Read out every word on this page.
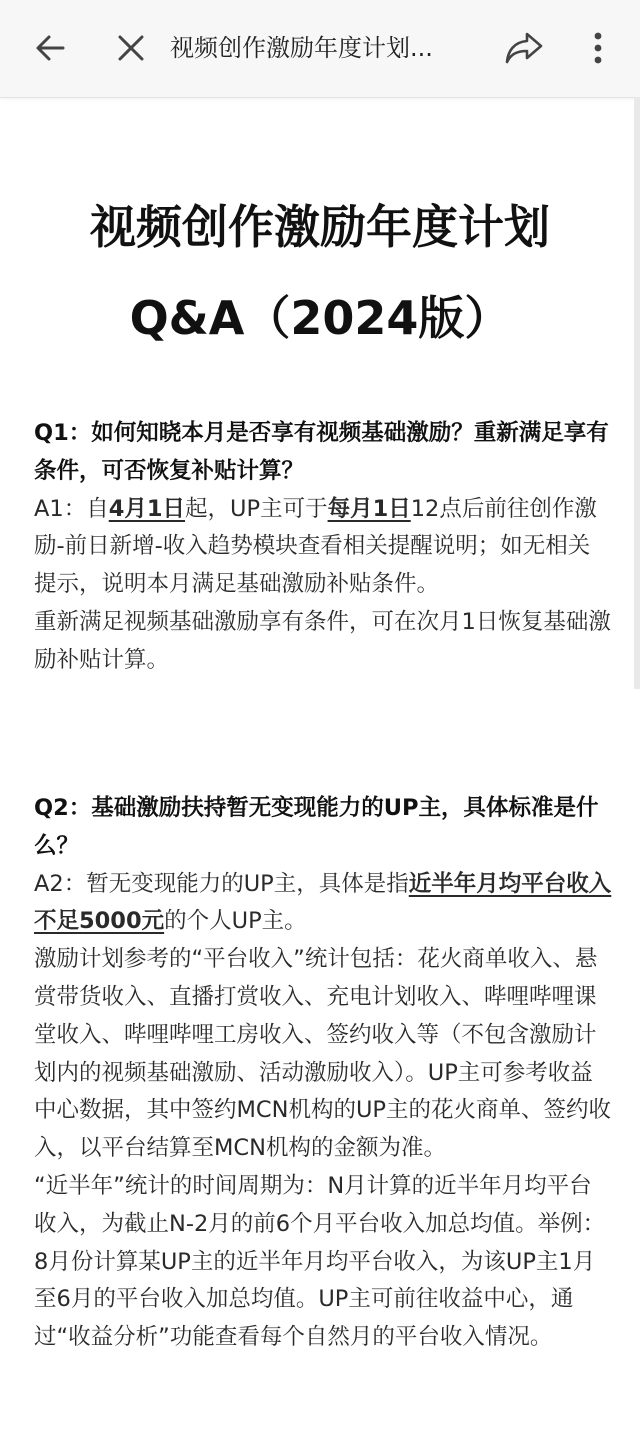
视频创作激励年度计划...
视频创作激励年度计划
Q&A（2024版）

Q1：如何知晓本月是否享有视频基础激励？重新满足享有条件，可否恢复补贴计算？

A1：自4月1日起，UP主可于每月1日12点后前往创作激励-前日新增-收入趋势模块查看相关提醒说明；如无相关提示，说明本月满足基础激励补贴条件。

重新满足视频基础激励享有条件，可在次月1日恢复基础激励补贴计算。

Q2：基础激励扶持暂无变现能力的UP主，具体标准是什么？

A2：暂无变现能力的UP主，具体是指近半年月均平台收入不足5000元的个人UP主。

激励计划参考的“平台收入”统计包括：花火商单收入、悬赏带货收入、直播打赏收入、充电计划收入、哔哩哔哩课堂收入、哔哩哔哩工房收入、签约收入等（不包含激励计划内的视频基础激励、活动激励收入）。UP主可参考收益中心数据，其中签约MCN机构的UP主的花火商单、签约收入，以平台结算至MCN机构的金额为准。

“近半年”统计的时间周期为：N月计算的近半年月均平台收入，为截止N-2月的前6个月平台收入加总均值。举例：8月份计算某UP主的近半年月均平台收入，为该UP主1月至6月的平台收入加总均值。UP主可前往收益中心，通过“收益分析”功能查看每个自然月的平台收入情况。
